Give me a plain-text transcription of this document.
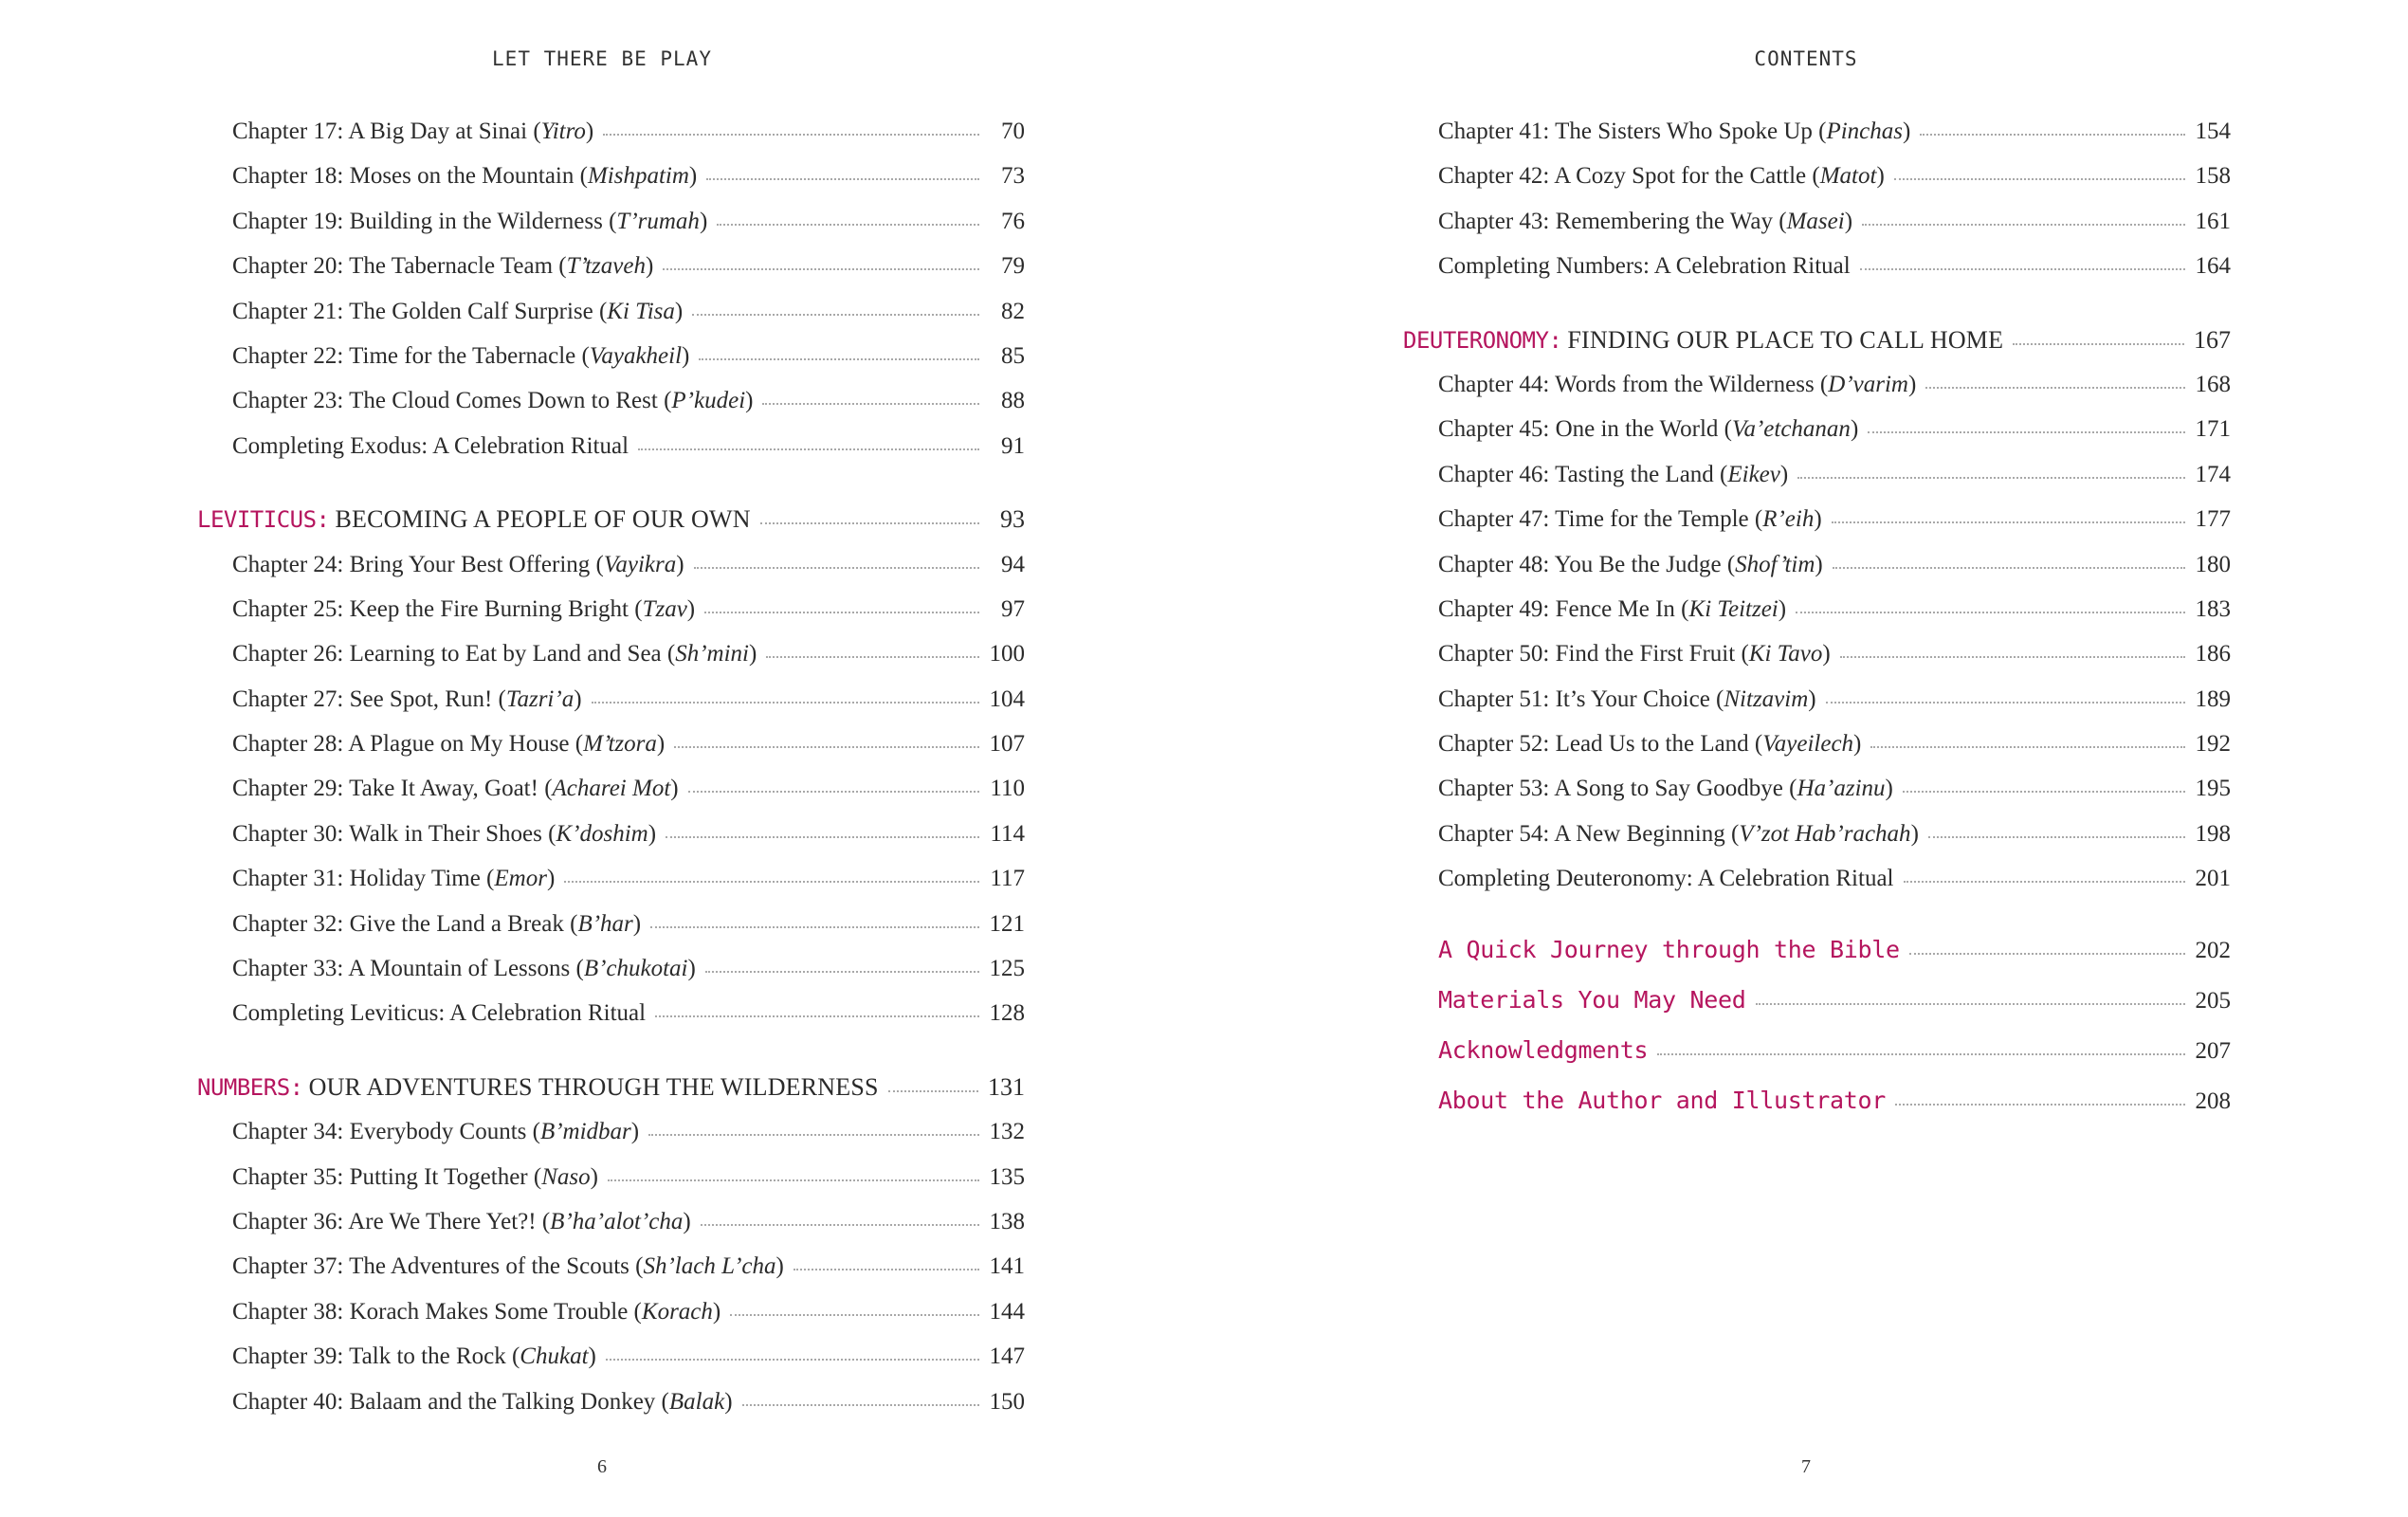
LET THERE BE PLAY
Chapter 17: A Big Day at Sinai (Yitro)	70
Chapter 18: Moses on the Mountain (Mishpatim)	73
Chapter 19: Building in the Wilderness (T’rumah)	76
Chapter 20: The Tabernacle Team (T’tzaveh)	79
Chapter 21: The Golden Calf Surprise (Ki Tisa)	82
Chapter 22: Time for the Tabernacle (Vayakheil)	85
Chapter 23: The Cloud Comes Down to Rest (P’kudei)	88
Completing Exodus: A Celebration Ritual	91
LEVITICUS: BECOMING A PEOPLE OF OUR OWN	93
Chapter 24: Bring Your Best Offering (Vayikra)	94
Chapter 25: Keep the Fire Burning Bright (Tzav)	97
Chapter 26: Learning to Eat by Land and Sea (Sh’mini)	100
Chapter 27: See Spot, Run! (Tazri’a)	104
Chapter 28: A Plague on My House (M’tzora)	107
Chapter 29: Take It Away, Goat! (Acharei Mot)	110
Chapter 30: Walk in Their Shoes (K’doshim)	114
Chapter 31: Holiday Time (Emor)	117
Chapter 32: Give the Land a Break (B’har)	121
Chapter 33: A Mountain of Lessons (B’chukotai)	125
Completing Leviticus: A Celebration Ritual	128
NUMBERS: OUR ADVENTURES THROUGH THE WILDERNESS	131
Chapter 34: Everybody Counts (B’midbar)	132
Chapter 35: Putting It Together (Naso)	135
Chapter 36: Are We There Yet?! (B’ha’alot’cha)	138
Chapter 37: The Adventures of the Scouts (Sh’lach L’cha)	141
Chapter 38: Korach Makes Some Trouble (Korach)	144
Chapter 39: Talk to the Rock (Chukat)	147
Chapter 40: Balaam and the Talking Donkey (Balak)	150
6
CONTENTS
Chapter 41: The Sisters Who Spoke Up (Pinchas)	154
Chapter 42: A Cozy Spot for the Cattle (Matot)	158
Chapter 43: Remembering the Way (Masei)	161
Completing Numbers: A Celebration Ritual	164
DEUTERONOMY: FINDING OUR PLACE TO CALL HOME	167
Chapter 44: Words from the Wilderness (D’varim)	168
Chapter 45: One in the World (Va’etchanan)	171
Chapter 46: Tasting the Land (Eikev)	174
Chapter 47: Time for the Temple (R’eih)	177
Chapter 48: You Be the Judge (Shof’tim)	180
Chapter 49: Fence Me In (Ki Teitzei)	183
Chapter 50: Find the First Fruit (Ki Tavo)	186
Chapter 51: It’s Your Choice (Nitzavim)	189
Chapter 52: Lead Us to the Land (Vayeilech)	192
Chapter 53: A Song to Say Goodbye (Ha’azinu)	195
Chapter 54: A New Beginning (V’zot Hab’rachah)	198
Completing Deuteronomy: A Celebration Ritual	201
A Quick Journey through the Bible	202
Materials You May Need	205
Acknowledgments	207
About the Author and Illustrator	208
7
